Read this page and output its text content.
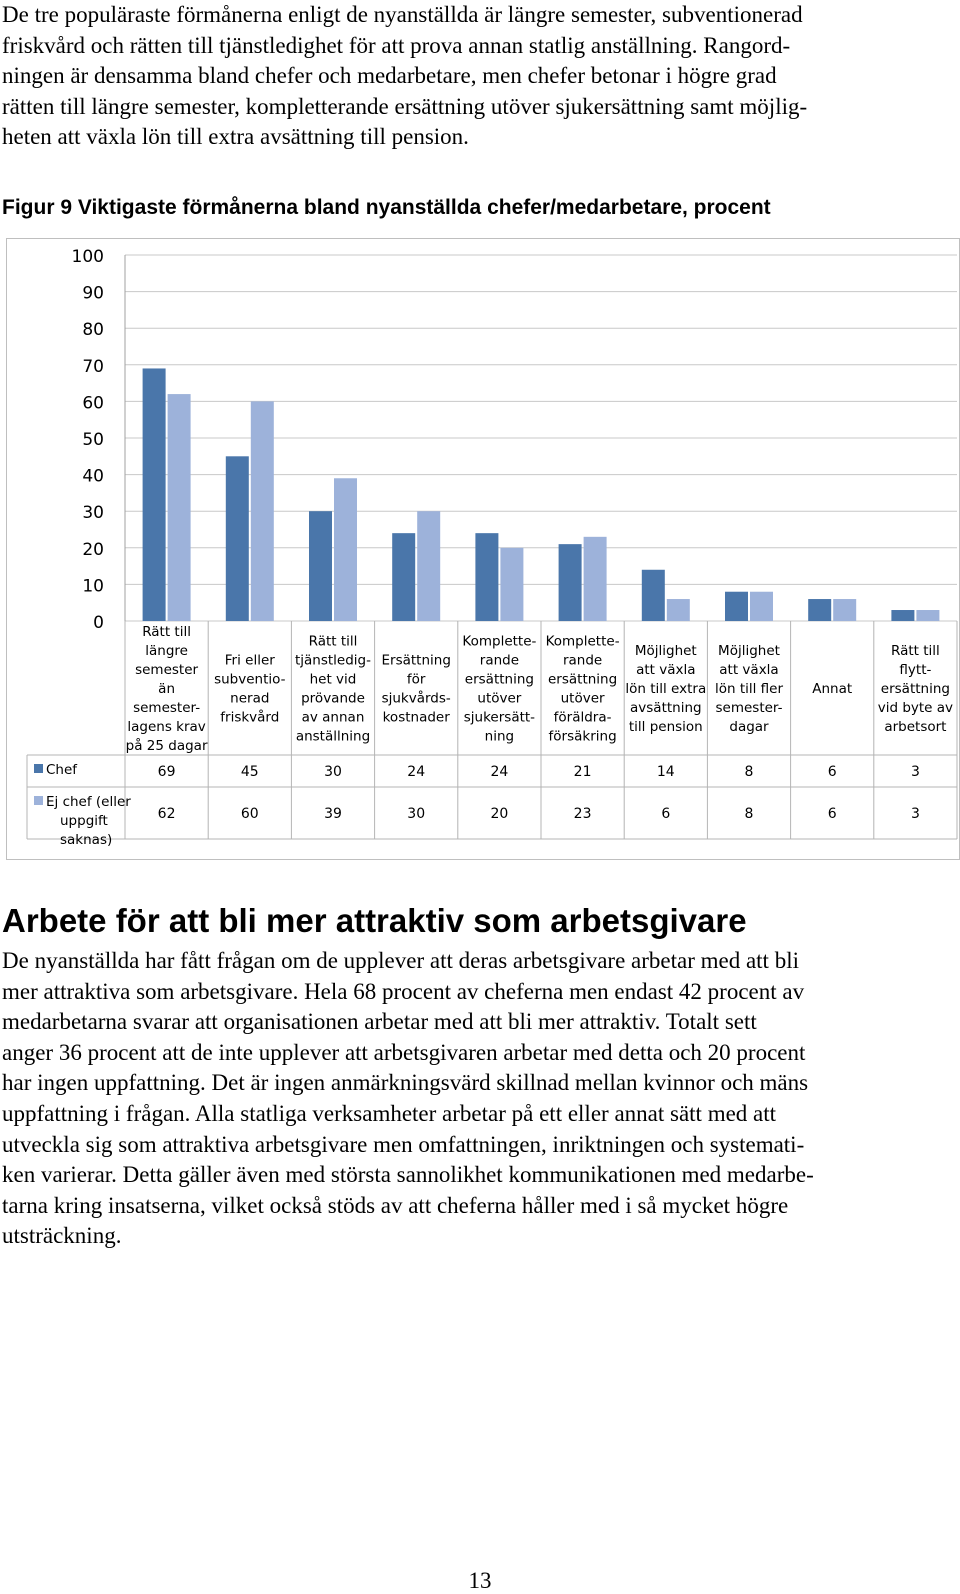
De tre populäraste förmånerna enligt de nyanställda är längre semester, subventionerad
friskvård och rätten till tjänstledighet för att prova annan statlig anställning. Rangord-
ningen är densamma bland chefer och medarbetare, men chefer betonar i högre grad
rätten till längre semester, kompletterande ersättning utöver sjukersättning samt möjlig-
heten att växla lön till extra avsättning till pension.
Figur 9 Viktigaste förmånerna bland nyanställda chefer/medarbetare, procent
0
10
20
30
40
50
60
70
80
90
100
69
62
Rätt till
längre
semester
än
semester-
lagens krav
på 25 dagar
45
60
Fri eller
subventio-
nerad
friskvård
30
39
Rätt till
tjänstledig-
het vid
prövande
av annan
anställning
24
30
Ersättning
för
sjukvårds-
kostnader
24
20
Komplette-
rande
ersättning
utöver
sjukersätt-
ning
21
23
Komplette-
rande
ersättning
utöver
föräldra-
försäkring
14
6
Möjlighet
att växla
lön till extra
avsättning
till pension
8
8
Möjlighet
att växla
lön till fler
semester-
dagar
6
6
Annat
3
3
Rätt till
flytt-
ersättning
vid byte av
arbetsort
Chef
Ej chef (eller
uppgift
saknas)
Arbete för att bli mer attraktiv som arbetsgivare
De nyanställda har fått frågan om de upplever att deras arbetsgivare arbetar med att bli
mer attraktiva som arbetsgivare. Hela 68 procent av cheferna men endast 42 procent av
medarbetarna svarar att organisationen arbetar med att bli mer attraktiv. Totalt sett
anger 36 procent att de inte upplever att arbetsgivaren arbetar med detta och 20 procent
har ingen uppfattning. Det är ingen anmärkningsvärd skillnad mellan kvinnor och mäns
uppfattning i frågan. Alla statliga verksamheter arbetar på ett eller annat sätt med att
utveckla sig som attraktiva arbetsgivare men omfattningen, inriktningen och systemati-
ken varierar. Detta gäller även med största sannolikhet kommunikationen med medarbe-
tarna kring insatserna, vilket också stöds av att cheferna håller med i så mycket högre
utsträckning.
13
